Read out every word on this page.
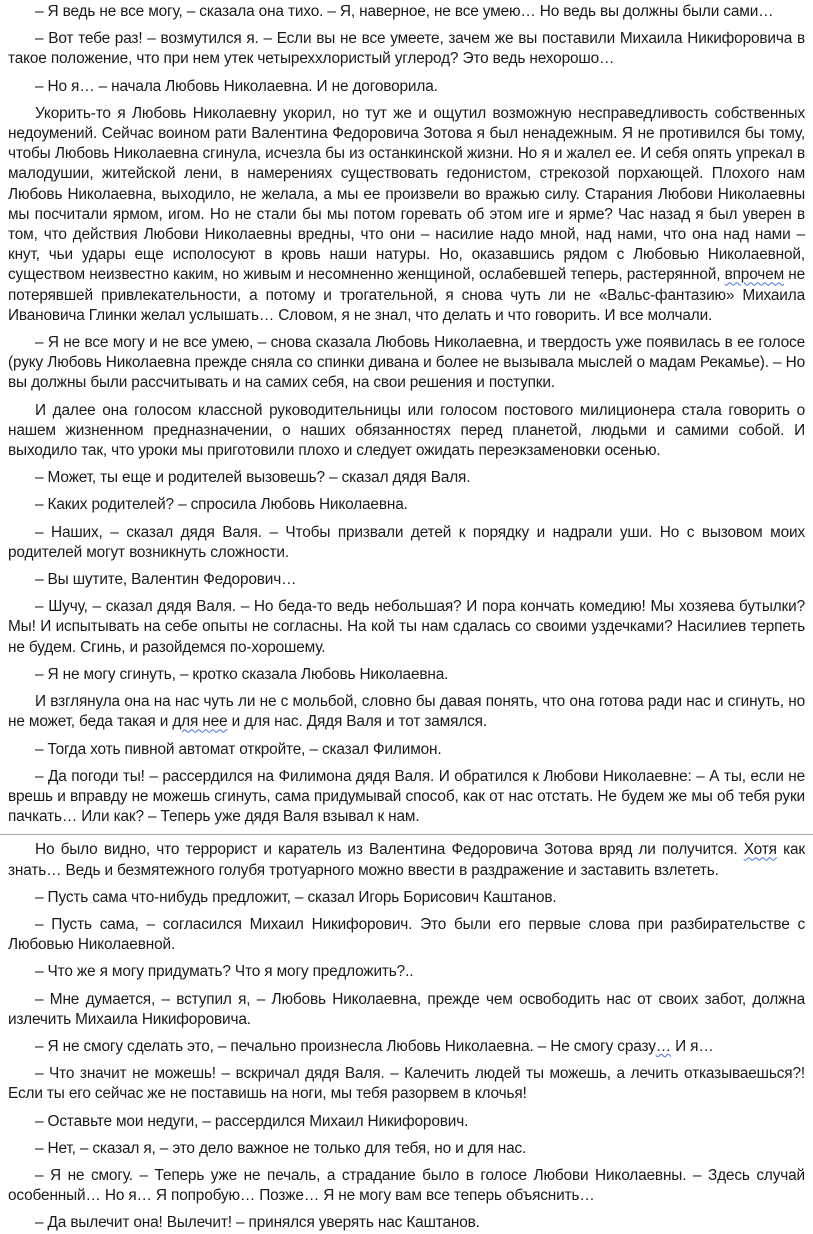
– Я ведь не все могу, – сказала она тихо. – Я, наверное, не все умею… Но ведь вы должны были сами…

– Вот тебе раз! – возмутился я. – Если вы не все умеете, зачем же вы поставили Михаила Никифоровича в такое положение, что при нем утек четыреххлористый углерод? Это ведь нехорошо…

– Но я… – начала Любовь Николаевна. И не договорила.

Укорить-то я Любовь Николаевну укорил, но тут же и ощутил возможную несправедливость собственных недоумений. Сейчас воином рати Валентина Федоровича Зотова я был ненадежным. Я не противился бы тому, чтобы Любовь Николаевна сгинула, исчезла бы из останкинской жизни. Но я и жалел ее. И себя опять упрекал в малодушии, житейской лени, в намерениях существовать гедонистом, стрекозой порхающей. Плохого нам Любовь Николаевна, выходило, не желала, а мы ее произвели во вражью силу. Старания Любови Николаевны мы посчитали ярмом, игом. Но не стали бы мы потом горевать об этом иге и ярме? Час назад я был уверен в том, что действия Любови Николаевны вредны, что они – насилие надо мной, над нами, что она над нами – кнут, чьи удары еще исполосуют в кровь наши натуры. Но, оказавшись рядом с Любовью Николаевной, существом неизвестно каким, но живым и несомненно женщиной, ослабевшей теперь, растерянной, впрочем не потерявшей привлекательности, а потому и трогательной, я снова чуть ли не «Вальс-фантазию» Михаила Ивановича Глинки желал услышать… Словом, я не знал, что делать и что говорить. И все молчали.

– Я не все могу и не все умею, – снова сказала Любовь Николаевна, и твердость уже появилась в ее голосе (руку Любовь Николаевна прежде сняла со спинки дивана и более не вызывала мыслей о мадам Рекамье). – Но вы должны были рассчитывать и на самих себя, на свои решения и поступки.

И далее она голосом классной руководительницы или голосом постового милиционера стала говорить о нашем жизненном предназначении, о наших обязанностях перед планетой, людьми и самими собой. И выходило так, что уроки мы приготовили плохо и следует ожидать переэкзаменовки осенью.

– Может, ты еще и родителей вызовешь? – сказал дядя Валя.

– Каких родителей? – спросила Любовь Николаевна.

– Наших, – сказал дядя Валя. – Чтобы призвали детей к порядку и надрали уши. Но с вызовом моих родителей могут возникнуть сложности.

– Вы шутите, Валентин Федорович…

– Шучу, – сказал дядя Валя. – Но беда-то ведь небольшая? И пора кончать комедию! Мы хозяева бутылки? Мы! И испытывать на себе опыты не согласны. На кой ты нам сдалась со своими уздечками? Насилиев терпеть не будем. Сгинь, и разойдемся по-хорошему.

– Я не могу сгинуть, – кротко сказала Любовь Николаевна.

И взглянула она на нас чуть ли не с мольбой, словно бы давая понять, что она готова ради нас и сгинуть, но не может, беда такая и для нее и для нас. Дядя Валя и тот замялся.

– Тогда хоть пивной автомат откройте, – сказал Филимон.

– Да погоди ты! – рассердился на Филимона дядя Валя. И обратился к Любови Николаевне: – А ты, если не врешь и вправду не можешь сгинуть, сама придумывай способ, как от нас отстать. Не будем же мы об тебя руки пачкать… Или как? – Теперь уже дядя Валя взывал к нам.

Но было видно, что террорист и каратель из Валентина Федоровича Зотова вряд ли получится. Хотя как знать… Ведь и безмятежного голубя тротуарного можно ввести в раздражение и заставить взлететь.

– Пусть сама что-нибудь предложит, – сказал Игорь Борисович Каштанов.

– Пусть сама, – согласился Михаил Никифорович. Это были его первые слова при разбирательстве с Любовью Николаевной.

– Что же я могу придумать? Что я могу предложить?..

– Мне думается, – вступил я, – Любовь Николаевна, прежде чем освободить нас от своих забот, должна излечить Михаила Никифоровича.

– Я не смогу сделать это, – печально произнесла Любовь Николаевна. – Не смогу сразу… И я…

– Что значит не можешь! – вскричал дядя Валя. – Калечить людей ты можешь, а лечить отказываешься?! Если ты его сейчас же не поставишь на ноги, мы тебя разорвем в клочья!

– Оставьте мои недуги, – рассердился Михаил Никифорович.

– Нет, – сказал я, – это дело важное не только для тебя, но и для нас.

– Я не смогу. – Теперь уже не печаль, а страдание было в голосе Любови Николаевны. – Здесь случай особенный… Но я… Я попробую… Позже… Я не могу вам все теперь объяснить…

– Да вылечит она! Вылечит! – принялся уверять нас Каштанов.
